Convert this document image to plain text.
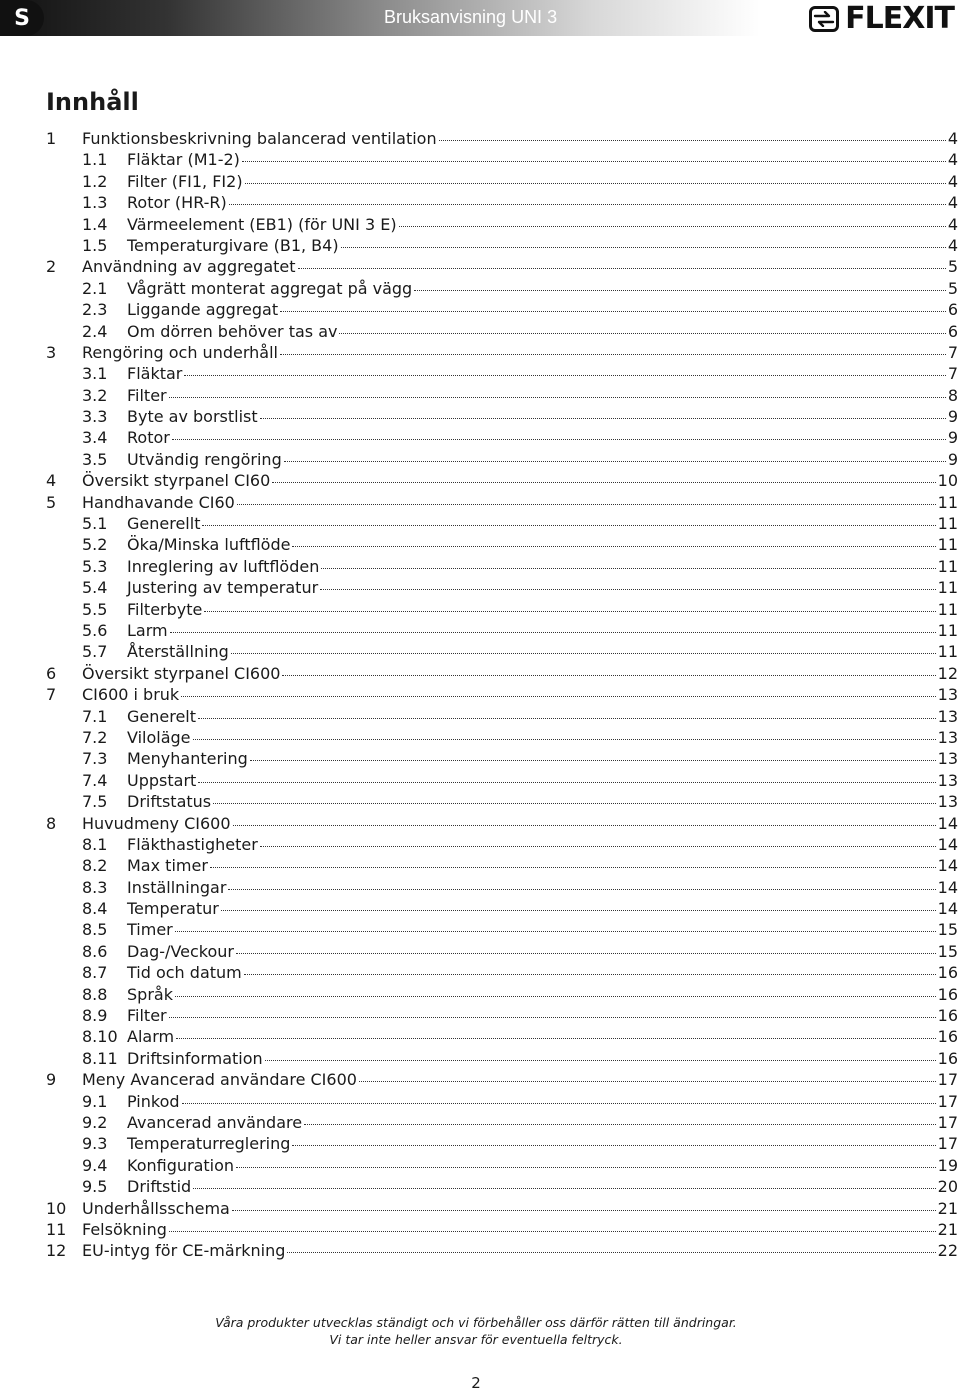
S	Bruksanvisning UNI 3	FLEXIT
Innhåll
1	Funktionsbeskrivning balancerad ventilation	4
1.1	Fläktar (M1-2)	4
1.2	Filter (FI1, FI2)	4
1.3	Rotor (HR-R)	4
1.4	Värmeelement (EB1) (för UNI 3 E)	4
1.5	Temperaturgivare (B1, B4)	4
2	Användning av aggregatet	5
2.1	Vågrätt monterat aggregat på vägg	5
2.3	Liggande aggregat	6
2.4	Om dörren behöver tas av	6
3	Rengöring och underhåll	7
3.1	Fläktar	7
3.2	Filter	8
3.3	Byte av borstlist	9
3.4	Rotor	9
3.5	Utvändig rengöring	9
4	Översikt styrpanel CI60	10
5	Handhavande CI60	11
5.1	Generellt	11
5.2	Öka/Minska luftflöde	11
5.3	Inreglering av luftflöden	11
5.4	Justering av temperatur	11
5.5	Filterbyte	11
5.6	Larm	11
5.7	Återställning	11
6	Översikt styrpanel CI600	12
7	CI600 i bruk	13
7.1	Generelt	13
7.2	Viloläge	13
7.3	Menyhantering	13
7.4	Uppstart	13
7.5	Driftstatus	13
8	Huvudmeny CI600	14
8.1	Fläkthastigheter	14
8.2	Max timer	14
8.3	Inställningar	14
8.4	Temperatur	14
8.5	Timer	15
8.6	Dag-/Veckour	15
8.7	Tid och datum	16
8.8	Språk	16
8.9	Filter	16
8.10 Alarm	16
8.11 Driftsinformation	16
9	Meny Avancerad användare CI600	17
9.1	Pinkod	17
9.2	Avancerad användare	17
9.3	Temperaturreglering	17
9.4	Konfiguration	19
9.5	Driftstid	20
10 Underhållsschema	21
11 Felsökning	21
12 EU-intyg för CE-märkning	22
Våra produkter utvecklas ständigt och vi förbehåller oss därför rätten till ändringar.
Vi tar inte heller ansvar för eventuella feltryck.
2
